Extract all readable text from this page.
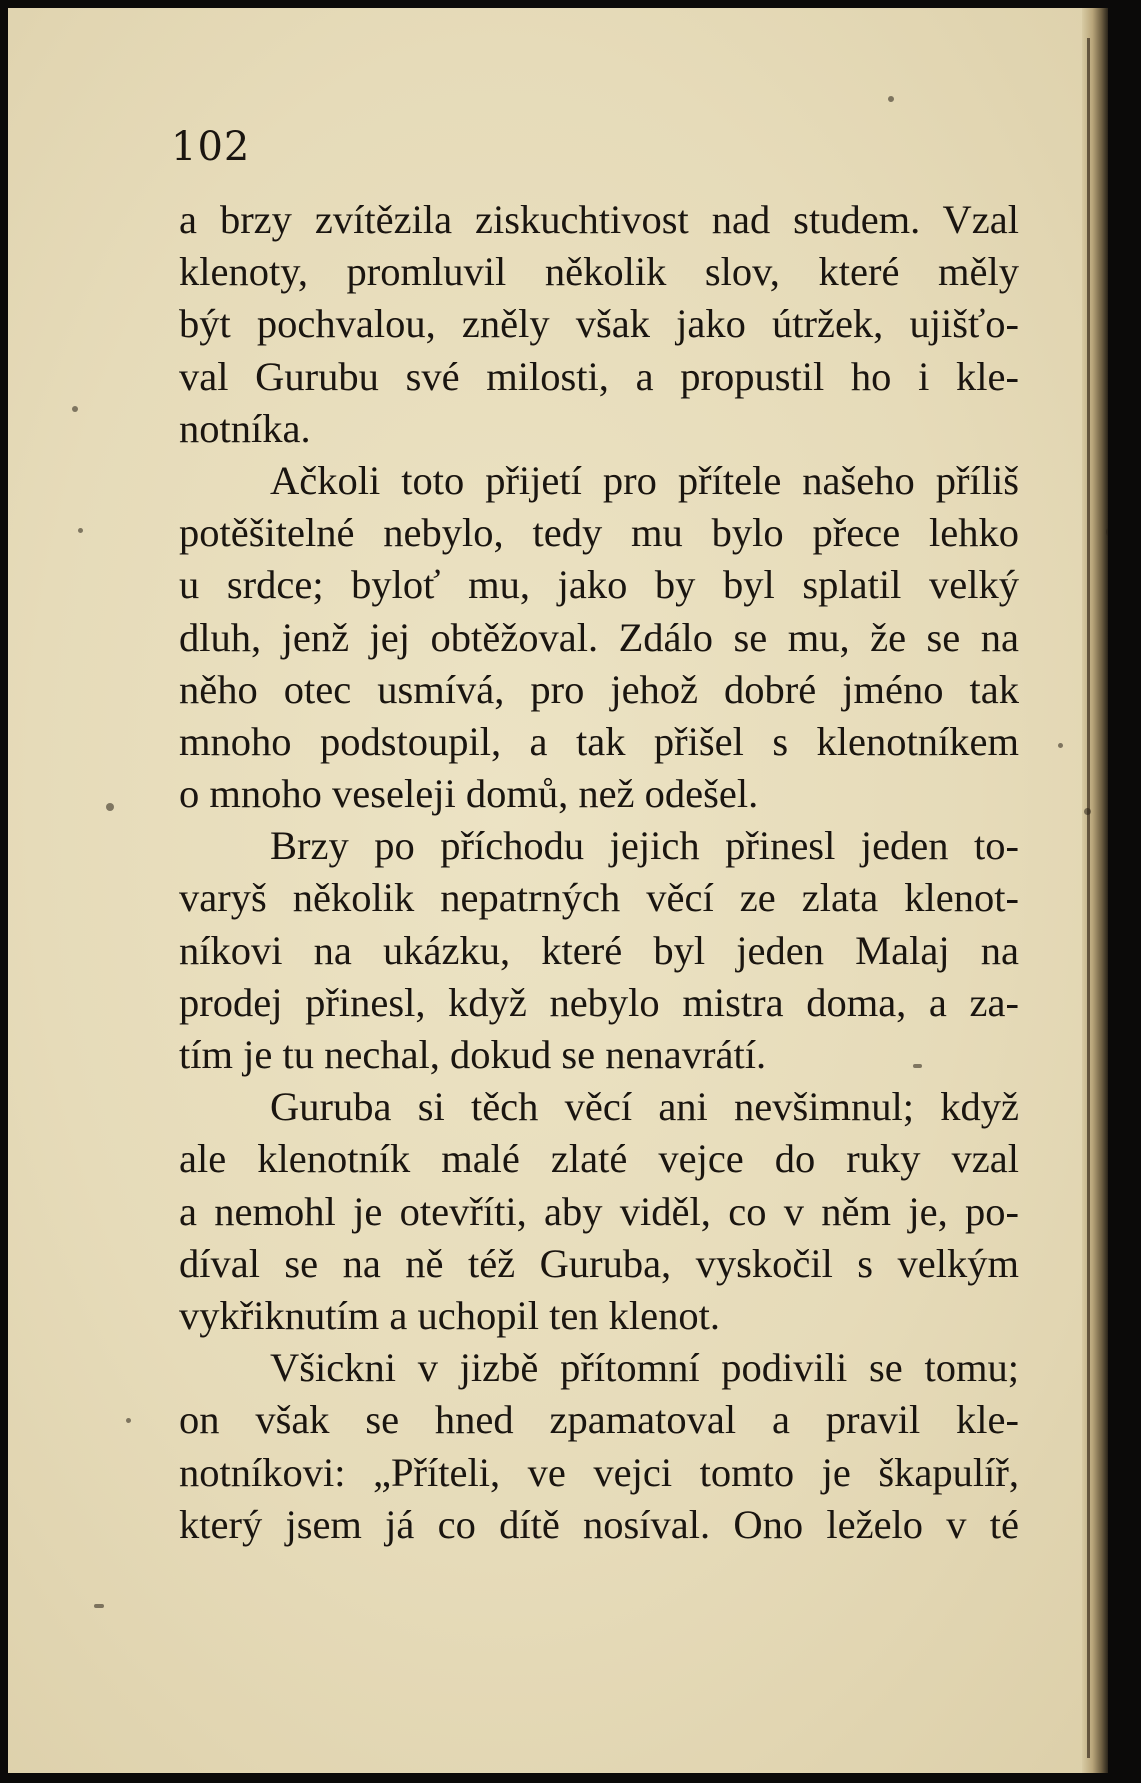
102
a brzy zvítězila ziskuchtivost nad studem. Vzal
klenoty, promluvil několik slov, které měly
být pochvalou, zněly však jako útržek, ujišťo-
val Gurubu své milosti, a propustil ho i kle-
notníka.
Ačkoli toto přijetí pro přítele našeho příliš
potěšitelné nebylo, tedy mu bylo přece lehko
u srdce; byloť mu, jako by byl splatil velký
dluh, jenž jej obtěžoval. Zdálo se mu, že se na
něho otec usmívá, pro jehož dobré jméno tak
mnoho podstoupil, a tak přišel s klenotníkem
o mnoho veseleji domů, než odešel.
Brzy po příchodu jejich přinesl jeden to-
varyš několik nepatrných věcí ze zlata klenot-
níkovi na ukázku, které byl jeden Malaj na
prodej přinesl, když nebylo mistra doma, a za-
tím je tu nechal, dokud se nenavrátí.
Guruba si těch věcí ani nevšimnul; když
ale klenotník malé zlaté vejce do ruky vzal
a nemohl je otevříti, aby viděl, co v něm je, po-
díval se na ně též Guruba, vyskočil s velkým
vykřiknutím a uchopil ten klenot.
Všickni v jizbě přítomní podivili se tomu;
on však se hned zpamatoval a pravil kle-
notníkovi: „Příteli, ve vejci tomto je škapulíř,
který jsem já co dítě nosíval. Ono leželo v té
